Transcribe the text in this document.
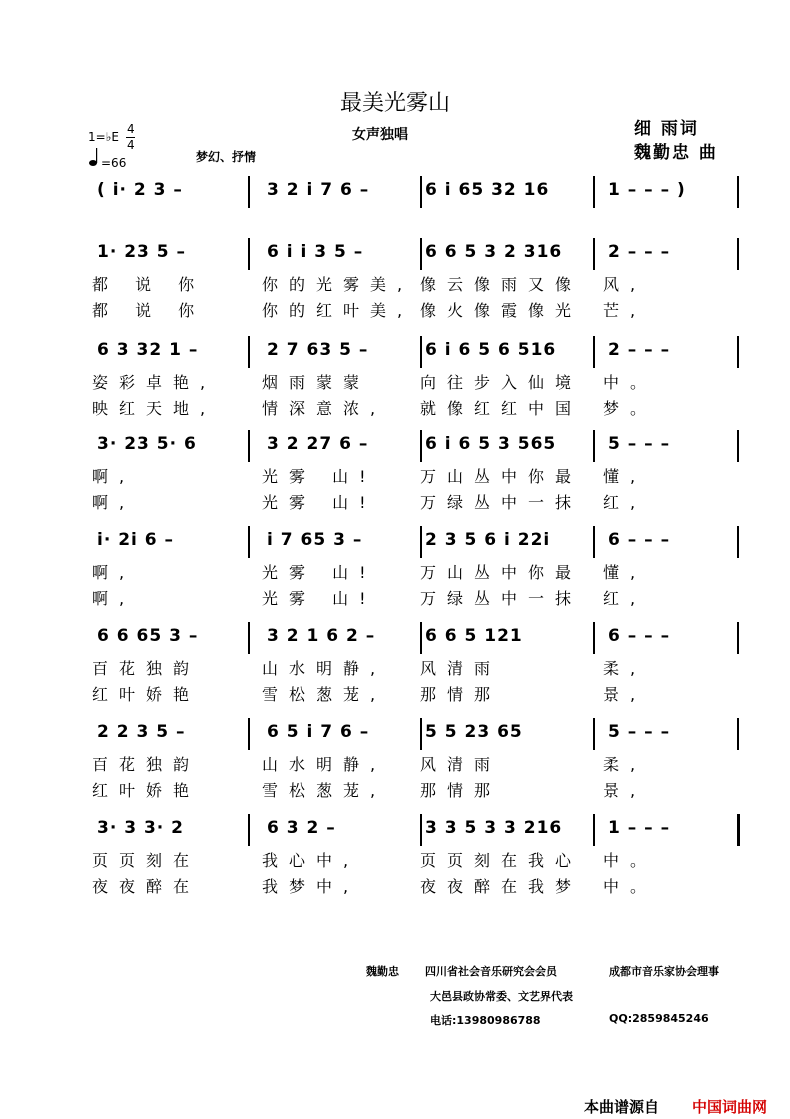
最美光雾山
女声独唱
梦幻、抒情
细 雨词
魏勤忠 曲
1=♭E
4
4
=66
( i· 2 3 –	3 2 i 7 6 –	6 i 65 32 16	1 – – – )
1· 23 5 –	6 i i 3 5 –	6 6 5 3 2 316	2 – – –
都 说 你	你的光雾美, 像云像雨又像 风,
都 说 你	你的红叶美, 像火像霞像光 芒,
6 3 32 1 –	2 7 63 5 –	6 i 6 5 6 516	2 – – –
姿彩卓艳,	烟雨蒙蒙	向往步入仙境 中。
映红天地,	情深意浓, 就像红红中国 梦。
3· 23 5· 6	3 2 27 6 –	6 i 6 5 3 565	5 – – –
啊,	光雾 山!	万山丛中你最 懂,
啊,	光雾 山!	万绿丛中一抹 红,
i· 2i 6 –	i 7 65 3 –	2 3 5 6 i 22i	6 – – –
啊,	光雾 山!	万山丛中你最 懂,
啊,	光雾 山!	万绿丛中一抹 红,
6 6 65 3 –	3 2 1 6 2 –	6 6 5 121	6 – – –
百花独韵	山水明静, 风清雨	柔,
红叶娇艳	雪松葱茏, 那情那	景,
2 2 3 5 –	6 5 i 7 6 –	5 5 23 65	5 – – –
百花独韵	山水明静, 风清雨	柔,
红叶娇艳	雪松葱茏, 那情那	景,
3· 3 3· 2	6 3 2 –	3 3 5 3 3 216	1 – – –
页页刻在	我心中,	页页刻在我心 中。
夜夜醉在	我梦中,	夜夜醉在我梦 中。
魏勤忠 四川省社会音乐研究会会员	成都市音乐家协会理事
大邑县政协常委、文艺界代表
电话:13980986788	QQ:2859845246
本曲谱源自 中国词曲网
